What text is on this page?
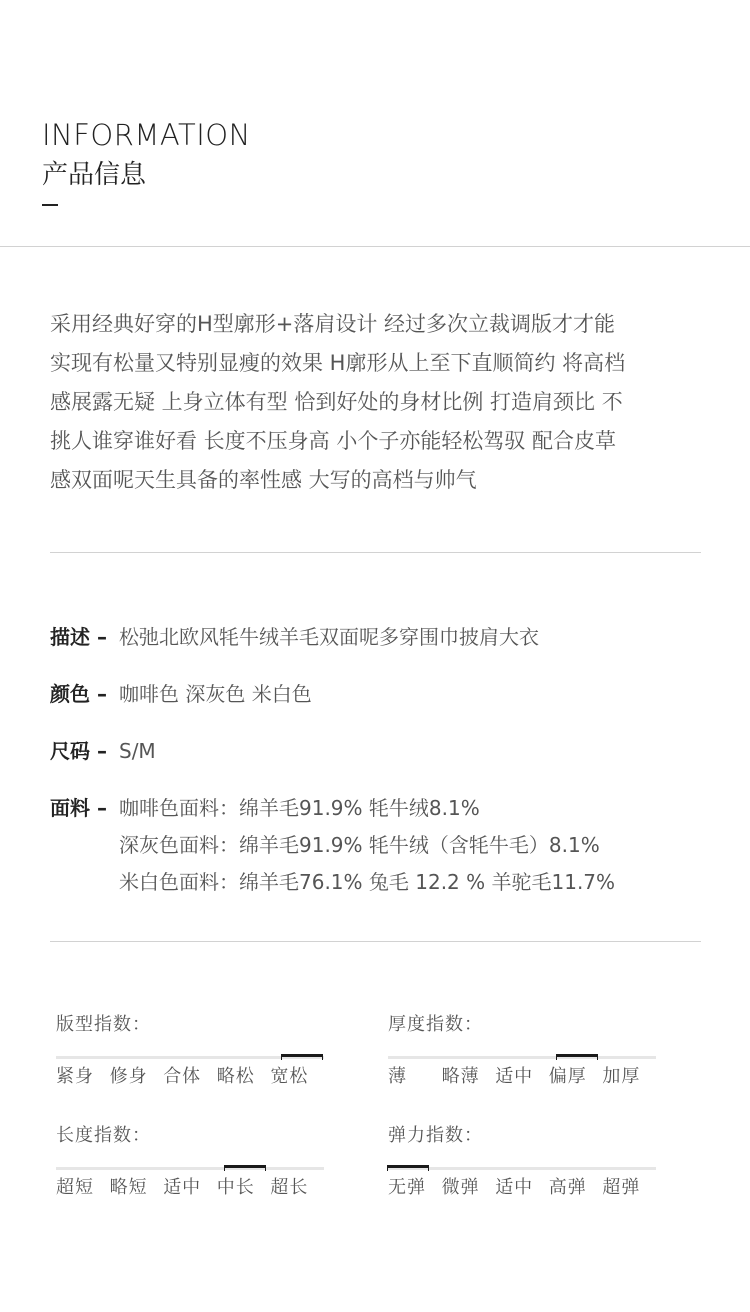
INFORMATION
产品信息
采用经典好穿的H型廓形+落肩设计 经过多次立裁调版才才能
实现有松量又特别显瘦的效果 H廓形从上至下直顺简约 将高档
感展露无疑 上身立体有型 恰到好处的身材比例 打造肩颈比 不
挑人谁穿谁好看 长度不压身高 小个子亦能轻松驾驭 配合皮草
感双面呢天生具备的率性感 大写的高档与帅气
描述 – 松弛北欧风牦牛绒羊毛双面呢多穿围巾披肩大衣
颜色 – 咖啡色 深灰色 米白色
尺码 – S/M
面料 – 咖啡色面料：绵羊毛91.9% 牦牛绒8.1%
深灰色面料：绵羊毛91.9% 牦牛绒（含牦牛毛）8.1%
米白色面料：绵羊毛76.1% 兔毛 12.2 % 羊驼毛11.7%
版型指数：
紧身 修身 合体 略松 宽松
厚度指数：
薄	略薄 适中 偏厚 加厚
长度指数：
超短 略短 适中 中长 超长
弹力指数：
无弹 微弹 适中 高弹 超弹
